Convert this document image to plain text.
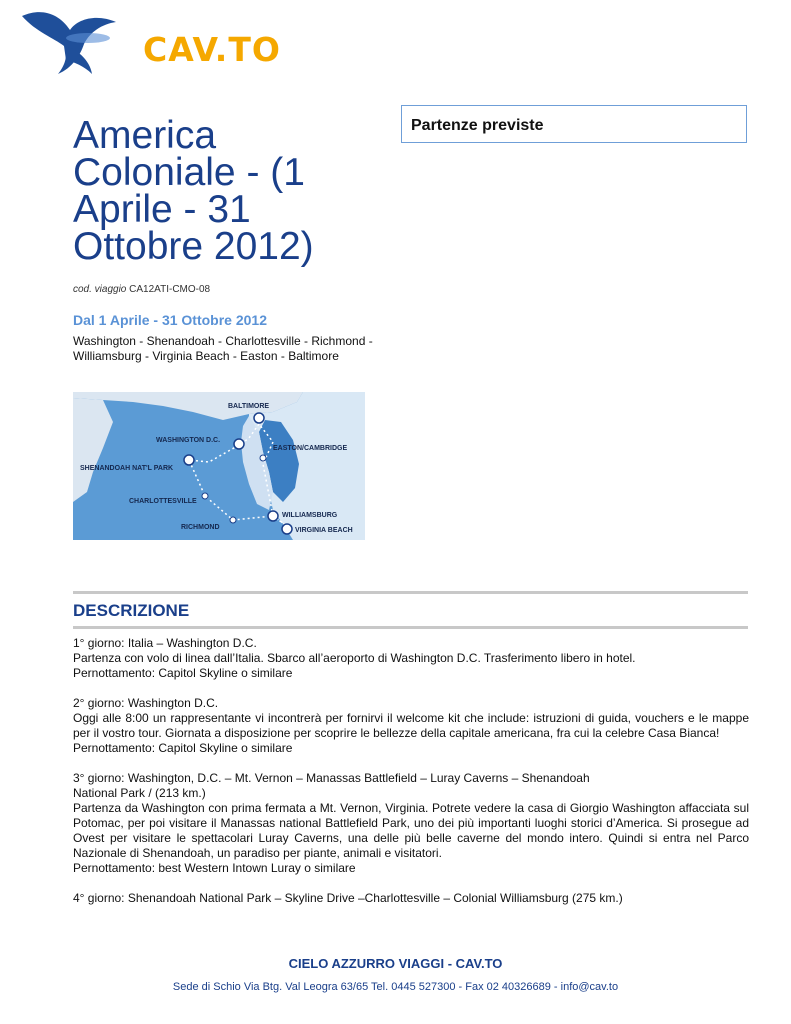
CAV.TO
America Coloniale - (1 Aprile - 31 Ottobre 2012)
Partenze previste
cod. viaggio CA12ATI-CMO-08
Dal 1 Aprile - 31 Ottobre 2012
Washington - Shenandoah - Charlottesville - Richmond - Williamsburg - Virginia Beach - Easton - Baltimore
BALTIMORE
WASHINGTON D.C.
EASTON/CAMBRIDGE
SHENANDOAH NAT'L PARK
CHARLOTTESVILLE
WILLIAMSBURG
RICHMOND	VIRGINIA BEACH
DESCRIZIONE

1° giorno: Italia – Washington D.C.

Partenza con volo di linea dall’Italia. Sbarco all’aeroporto di Washington D.C. Trasferimento libero in hotel.

Pernottamento: Capitol Skyline o similare

2° giorno: Washington D.C.

Oggi alle 8:00 un rappresentante vi incontrerà per fornirvi il welcome kit che include: istruzioni di guida, vouchers e le mappe per il vostro tour. Giornata a disposizione per scoprire le bellezze della capitale americana, fra cui la celebre Casa Bianca!

Pernottamento: Capitol Skyline o similare

3° giorno: Washington, D.C. – Mt. Vernon – Manassas Battlefield – Luray Caverns – Shenandoah

National Park / (213 km.)

Partenza da Washington con prima fermata a Mt. Vernon, Virginia. Potrete vedere la casa di Giorgio Washington affacciata sul Potomac, per poi visitare il Manassas national Battlefield Park, uno dei più importanti luoghi storici d’America. Si prosegue ad Ovest per visitare le spettacolari Luray Caverns, una delle più belle caverne del mondo intero. Quindi si entra nel Parco Nazionale di Shenandoah, un paradiso per piante, animali e visitatori.

Pernottamento: best Western Intown Luray o similare

4° giorno: Shenandoah National Park – Skyline Drive –Charlottesville – Colonial Williamsburg (275 km.)

CIELO AZZURRO VIAGGI - CAV.TO
Sede di Schio Via Btg. Val Leogra 63/65 Tel. 0445 527300 - Fax 02 40326689 - info@cav.to
